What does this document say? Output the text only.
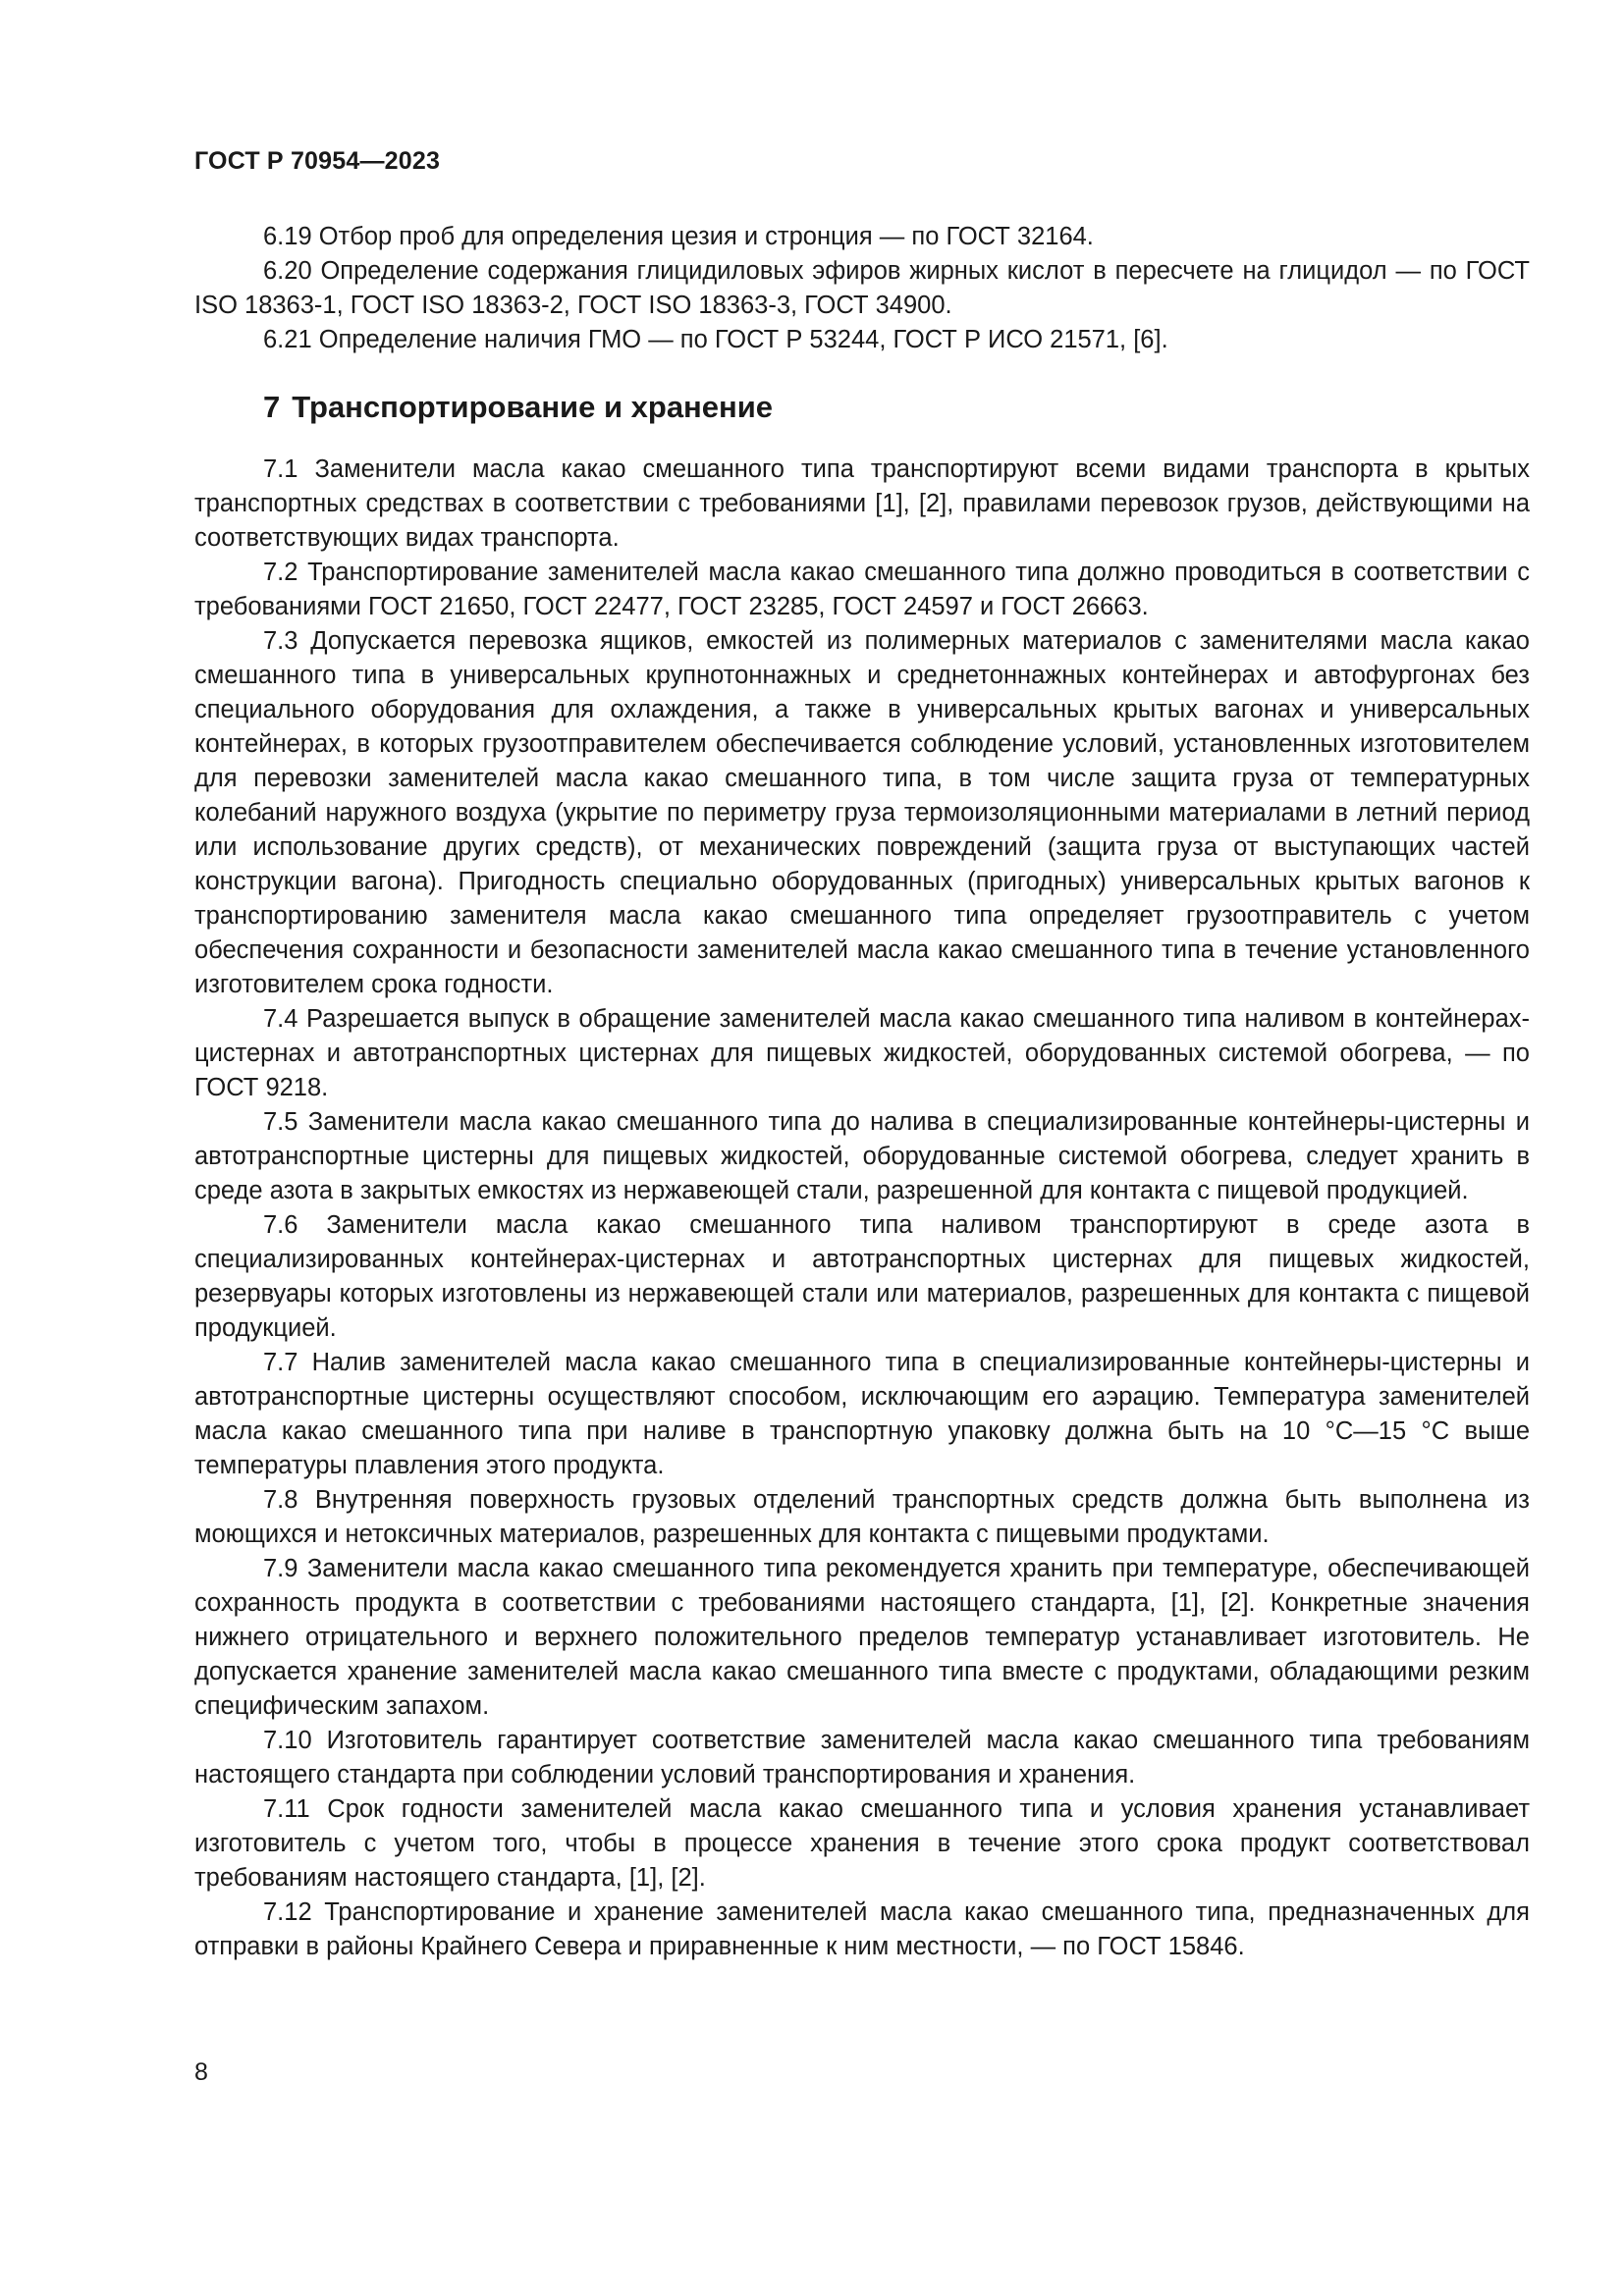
ГОСТ Р 70954—2023

6.19 Отбор проб для определения цезия и стронция — по ГОСТ 32164.

6.20 Определение содержания глицидиловых эфиров жирных кислот в пересчете на глицидол — по ГОСТ ISO 18363-1, ГОСТ ISO 18363-2, ГОСТ ISO 18363-3, ГОСТ 34900.

6.21 Определение наличия ГМО — по ГОСТ Р 53244, ГОСТ Р ИСО 21571, [6].

7 Транспортирование и хранение

7.1 Заменители масла какао смешанного типа транспортируют всеми видами транспорта в крытых транспортных средствах в соответствии с требованиями [1], [2], правилами перевозок грузов, действующими на соответствующих видах транспорта.

7.2 Транспортирование заменителей масла какао смешанного типа должно проводиться в соответствии с требованиями ГОСТ 21650, ГОСТ 22477, ГОСТ 23285, ГОСТ 24597 и ГОСТ 26663.

7.3 Допускается перевозка ящиков, емкостей из полимерных материалов с заменителями масла какао смешанного типа в универсальных крупнотоннажных и среднетоннажных контейнерах и автофургонах без специального оборудования для охлаждения, а также в универсальных крытых вагонах и универсальных контейнерах, в которых грузоотправителем обеспечивается соблюдение условий, установленных изготовителем для перевозки заменителей масла какао смешанного типа, в том числе защита груза от температурных колебаний наружного воздуха (укрытие по периметру груза термоизоляционными материалами в летний период или использование других средств), от механических повреждений (защита груза от выступающих частей конструкции вагона). Пригодность специально оборудованных (пригодных) универсальных крытых вагонов к транспортированию заменителя масла какао смешанного типа определяет грузоотправитель с учетом обеспечения сохранности и безопасности заменителей масла какао смешанного типа в течение установленного изготовителем срока годности.

7.4 Разрешается выпуск в обращение заменителей масла какао смешанного типа наливом в контейнерах-цистернах и автотранспортных цистернах для пищевых жидкостей, оборудованных системой обогрева, — по ГОСТ 9218.

7.5 Заменители масла какао смешанного типа до налива в специализированные контейнеры-цистерны и автотранспортные цистерны для пищевых жидкостей, оборудованные системой обогрева, следует хранить в среде азота в закрытых емкостях из нержавеющей стали, разрешенной для контакта с пищевой продукцией.

7.6 Заменители масла какао смешанного типа наливом транспортируют в среде азота в специализированных контейнерах-цистернах и автотранспортных цистернах для пищевых жидкостей, резервуары которых изготовлены из нержавеющей стали или материалов, разрешенных для контакта с пищевой продукцией.

7.7 Налив заменителей масла какао смешанного типа в специализированные контейнеры-цистерны и автотранспортные цистерны осуществляют способом, исключающим его аэрацию. Температура заменителей масла какао смешанного типа при наливе в транспортную упаковку должна быть на 10 °C—15 °C выше температуры плавления этого продукта.

7.8 Внутренняя поверхность грузовых отделений транспортных средств должна быть выполнена из моющихся и нетоксичных материалов, разрешенных для контакта с пищевыми продуктами.

7.9 Заменители масла какао смешанного типа рекомендуется хранить при температуре, обеспечивающей сохранность продукта в соответствии с требованиями настоящего стандарта, [1], [2]. Конкретные значения нижнего отрицательного и верхнего положительного пределов температур устанавливает изготовитель. Не допускается хранение заменителей масла какао смешанного типа вместе с продуктами, обладающими резким специфическим запахом.

7.10 Изготовитель гарантирует соответствие заменителей масла какао смешанного типа требованиям настоящего стандарта при соблюдении условий транспортирования и хранения.

7.11 Срок годности заменителей масла какао смешанного типа и условия хранения устанавливает изготовитель с учетом того, чтобы в процессе хранения в течение этого срока продукт соответствовал требованиям настоящего стандарта, [1], [2].

7.12 Транспортирование и хранение заменителей масла какао смешанного типа, предназначенных для отправки в районы Крайнего Севера и приравненные к ним местности, — по ГОСТ 15846.

8
